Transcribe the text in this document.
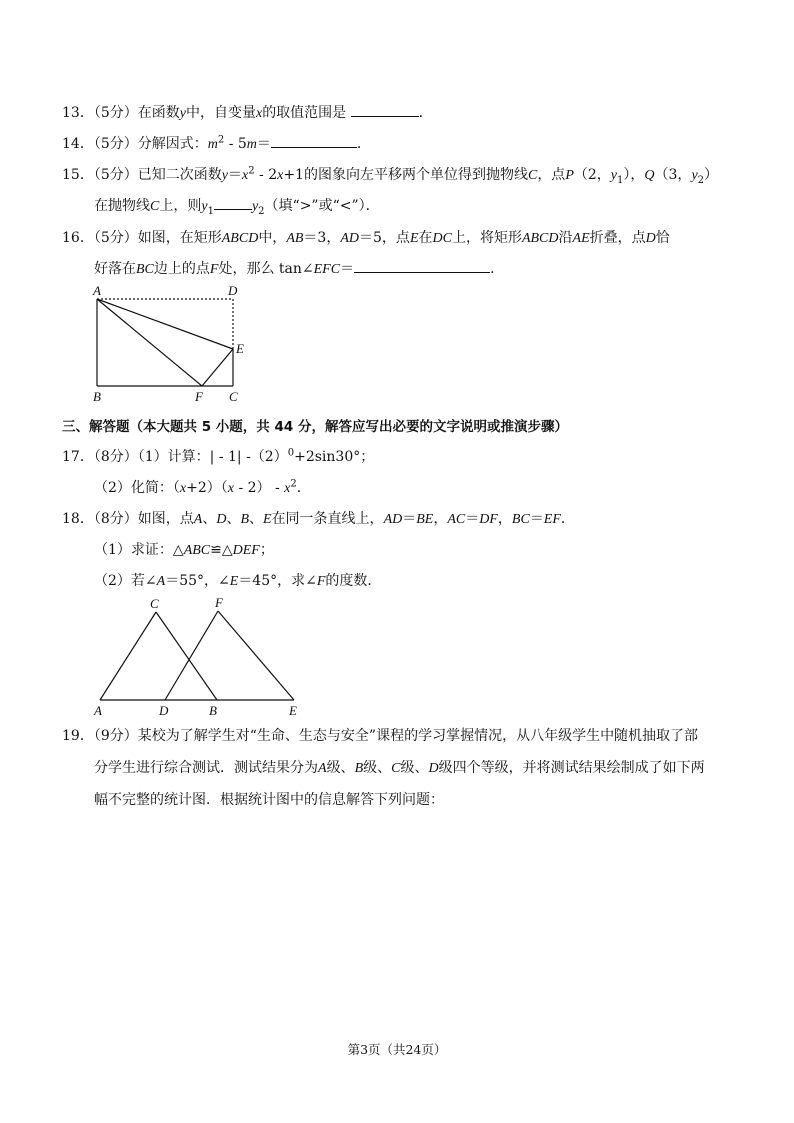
13．（5分）在函数y中，自变量x的取值范围是	．
14．（5分）分解因式：$m^2 - 5m=$	．
15．（5分）已知二次函数$y=x^2 - 2x+1$的图象向左平移两个单位得到抛物线C，点P（2，$y_1$），Q（3，$y_2$）
在抛物线C上，则$y_1$	$y_2$（填“>”或“<”）．
16．（5分）如图，在矩形ABCD中，AB＝3，AD＝5，点E在DC上，将矩形ABCD沿AE折叠，点D恰
好落在BC边上的点F处，那么 tan∠EFC＝	．
A	D
E
B	F C
三、解答题（本大题共 5 小题，共 44 分，解答应写出必要的文字说明或推演步骤）
17．（8分）（1）计算：| - 1| $-(2)^0+2\sin 30^\circ$；
（2）化简：$(x+2)(x - 2) - x^2$．
18．（8分）如图，点A、D、B、E在同一条直线上，AD＝BE，AC＝DF，BC＝EF．
（1）求证：△ABC≌△DEF；
（2）若∠A＝55°，∠E＝45°，求∠F的度数．
C	F
A	D	B	E
19．（9分）某校为了解学生对“生命、生态与安全”课程的学习掌握情况，从八年级学生中随机抽取了部
分学生进行综合测试．测试结果分为A级、B级、C级、D级四个等级，并将测试结果绘制成了如下两
幅不完整的统计图．根据统计图中的信息解答下列问题：
第3页（共24页）
